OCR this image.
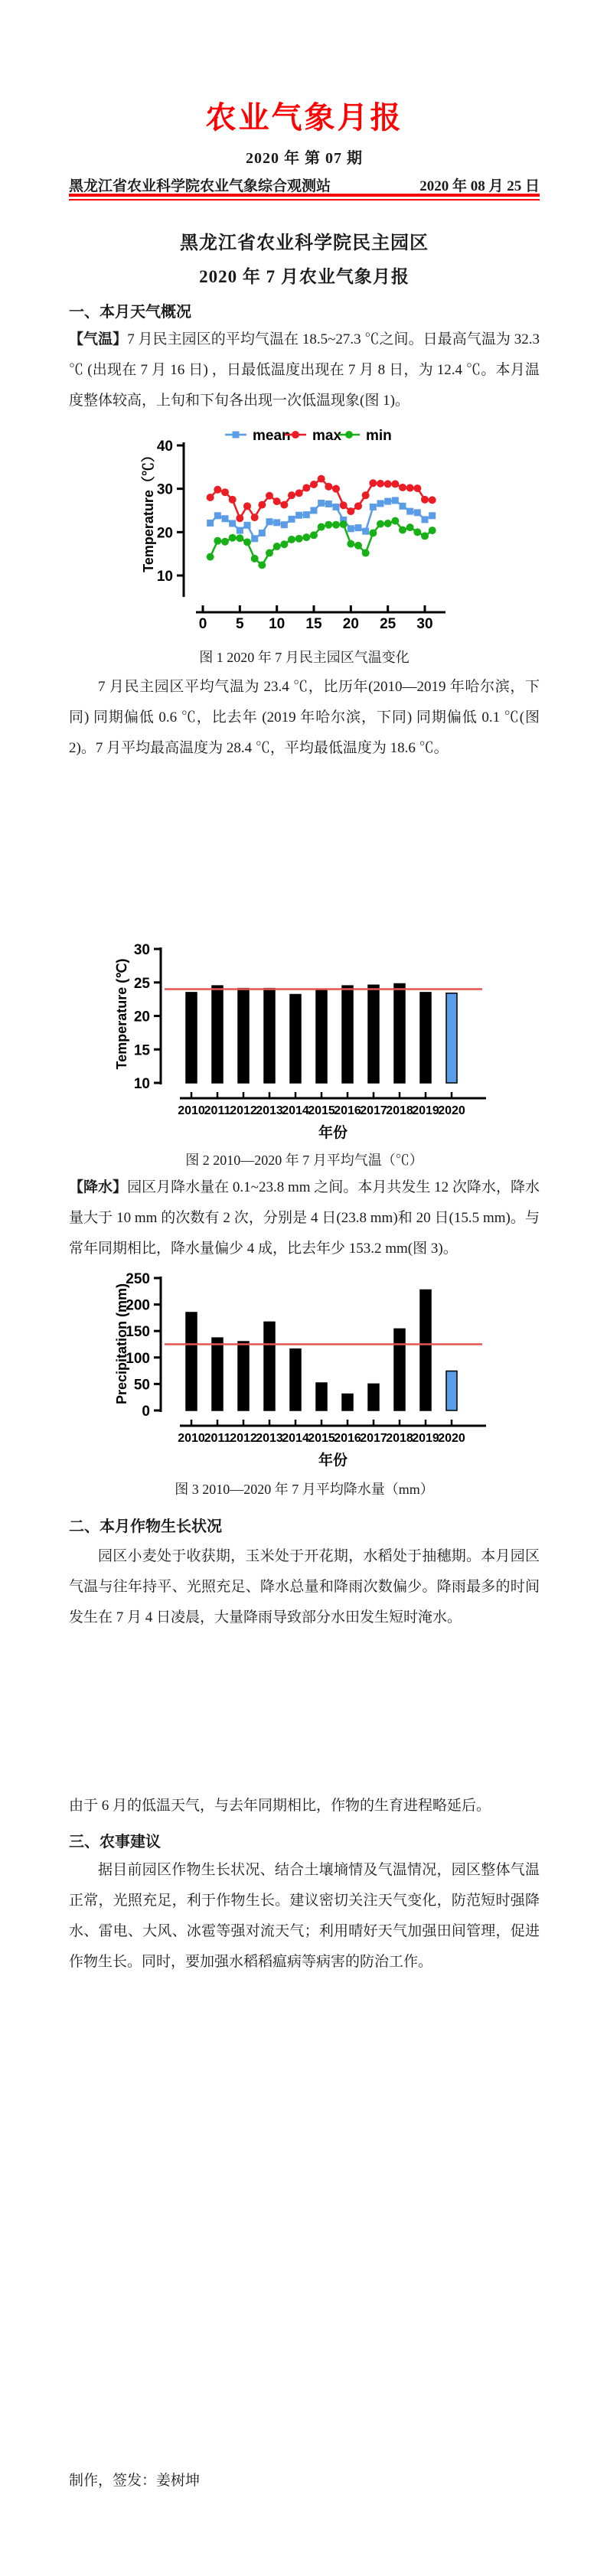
农业气象月报
2020 年 第 07 期
黑龙江省农业科学院农业气象综合观测站	2020 年 08 月 25 日
黑龙江省农业科学院民主园区
2020 年 7 月农业气象月报
一、本月天气概况
【气温】7 月民主园区的平均气温在 18.5~27.3 ℃之间。日最高气温为 32.3 ℃ (出现在 7 月 16 日) ，日最低温度出现在 7 月 8 日，为 12.4 ℃。本月温度整体较高，上旬和下旬各出现一次低温现象(图 1)。
10
20
30
40
Temperature（℃）
0 5 10 15 20 25 30
mean max min
图 1 2020 年 7 月民主园区气温变化
7 月民主园区平均气温为 23.4 ℃，比历年(2010—2019 年哈尔滨，下同) 同期偏低 0.6 ℃，比去年 (2019 年哈尔滨，下同) 同期偏低 0.1 ℃(图 2)。7 月平均最高温度为 28.4 ℃，平均最低温度为 18.6 ℃。
10
15
20
25
30
Temperature (℃)
2010
2011
2012
2013
2014
2015
2016
2017
2018
2019
2020
年份
图 2 2010—2020 年 7 月平均气温（℃）
【降水】园区月降水量在 0.1~23.8 mm 之间。本月共发生 12 次降水，降水量大于 10 mm 的次数有 2 次，分别是 4 日(23.8 mm)和 20 日(15.5 mm)。与常年同期相比，降水量偏少 4 成，比去年少 153.2 mm(图 3)。
0
50
100
150
200
250
Precipitation (mm)
2010
2011
2012
2013
2014
2015
2016
2017
2018
2019
2020
年份
图 3 2010—2020 年 7 月平均降水量（mm）
二、本月作物生长状况
园区小麦处于收获期，玉米处于开花期，水稻处于抽穗期。本月园区气温与往年持平、光照充足、降水总量和降雨次数偏少。降雨最多的时间发生在 7 月 4 日凌晨，大量降雨导致部分水田发生短时淹水。
由于 6 月的低温天气，与去年同期相比，作物的生育进程略延后。
三、农事建议
据目前园区作物生长状况、结合土壤墒情及气温情况，园区整体气温正常，光照充足，利于作物生长。建议密切关注天气变化，防范短时强降水、雷电、大风、冰雹等强对流天气；利用晴好天气加强田间管理，促进作物生长。同时，要加强水稻稻瘟病等病害的防治工作。
制作，签发：姜树坤
